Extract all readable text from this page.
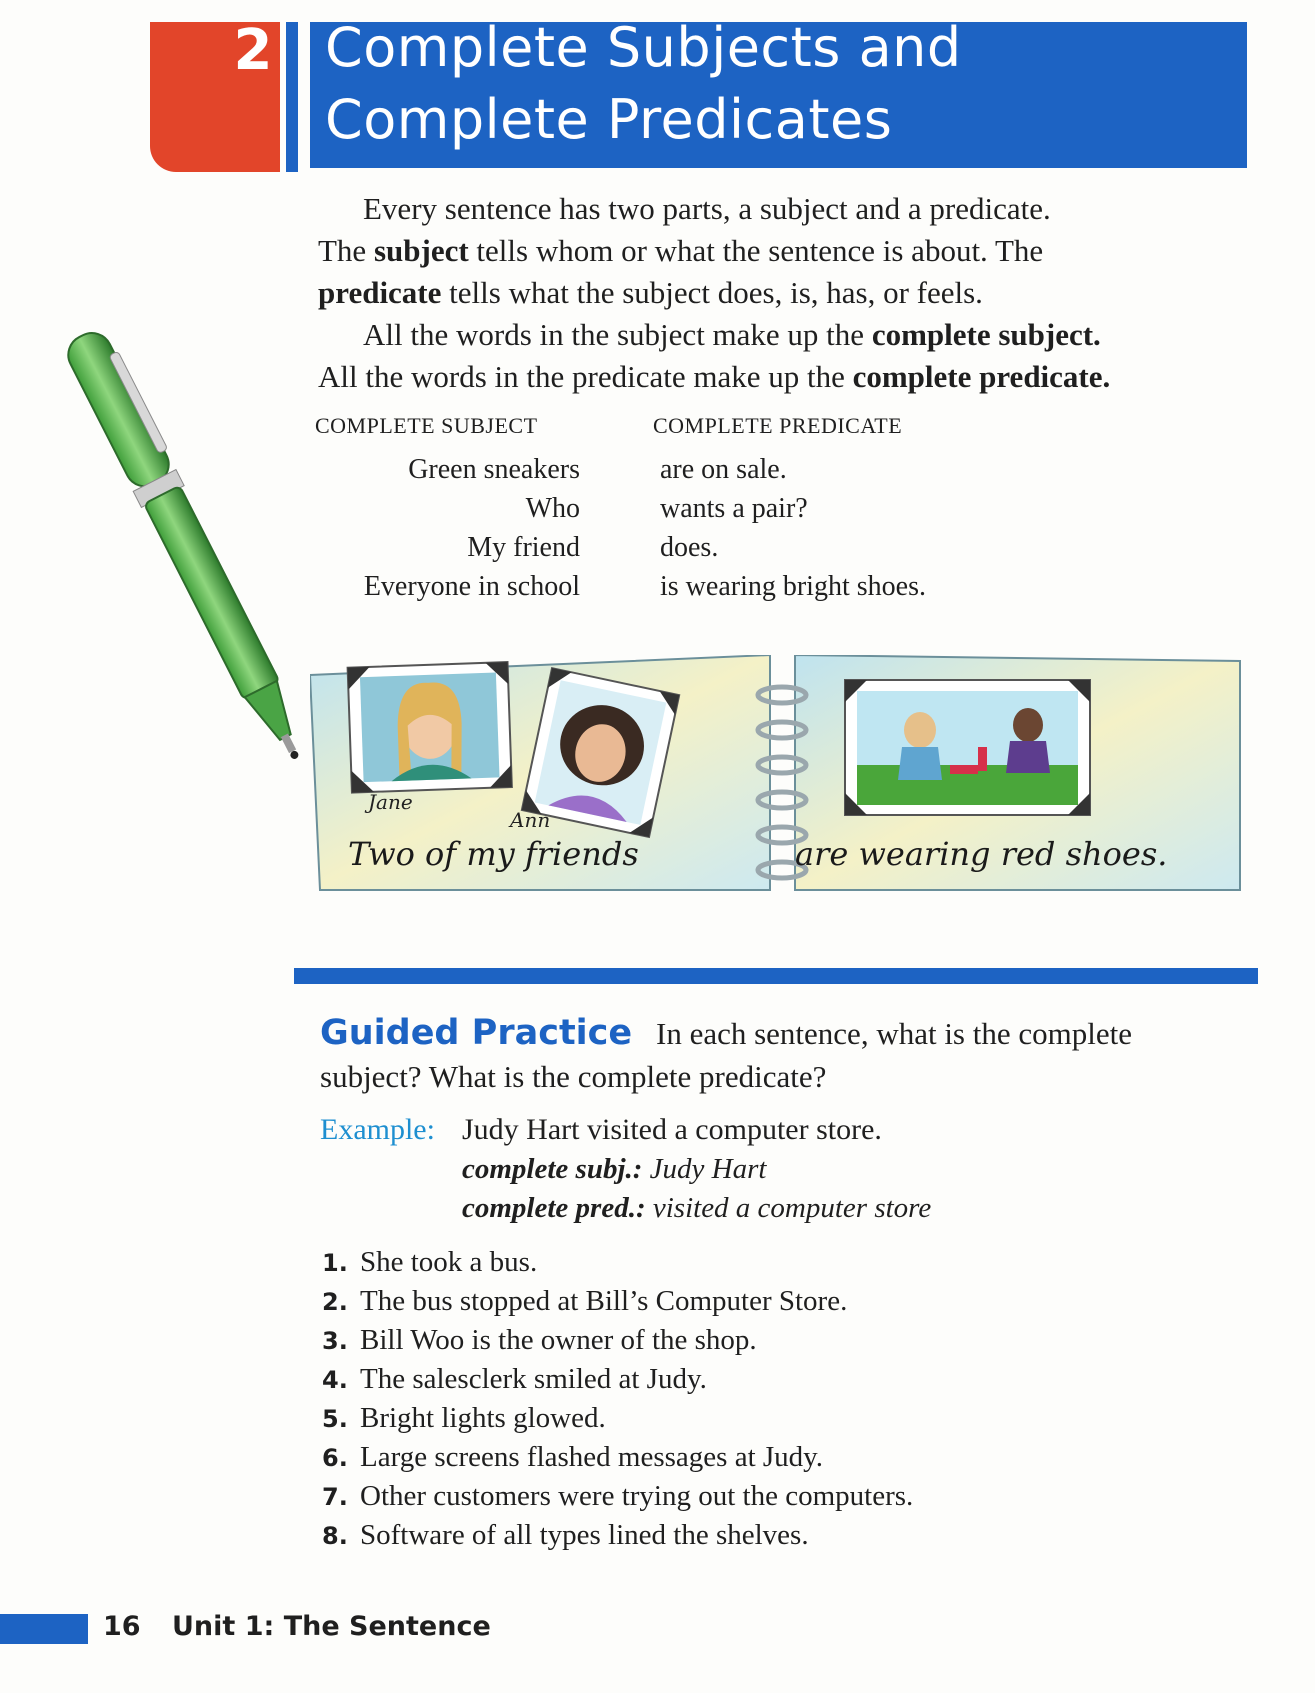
2 Complete Subjects and
Complete Predicates
Every sentence has two parts, a subject and a predicate.
The subject tells whom or what the sentence is about. The
predicate tells what the subject does, is, has, or feels.
All the words in the subject make up the complete subject.
All the words in the predicate make up the complete predicate.
COMPLETE SUBJECT	COMPLETE PREDICATE
Green sneakers
Who
My friend
Everyone in school
are on sale.
wants a pair?
does.
is wearing bright shoes.
Jane
Ann
Two of my friends	are wearing red shoes.
Guided Practice In each sentence, what is the complete
subject? What is the complete predicate?
Example: Judy Hart visited a computer store.
complete subj.: Judy Hart
complete pred.: visited a computer store
1. She took a bus.
2. The bus stopped at Bill’s Computer Store.
3. Bill Woo is the owner of the shop.
4. The salesclerk smiled at Judy.
5. Bright lights glowed.
6. Large screens flashed messages at Judy.
7. Other customers were trying out the computers.
8. Software of all types lined the shelves.
16 Unit 1: The Sentence
